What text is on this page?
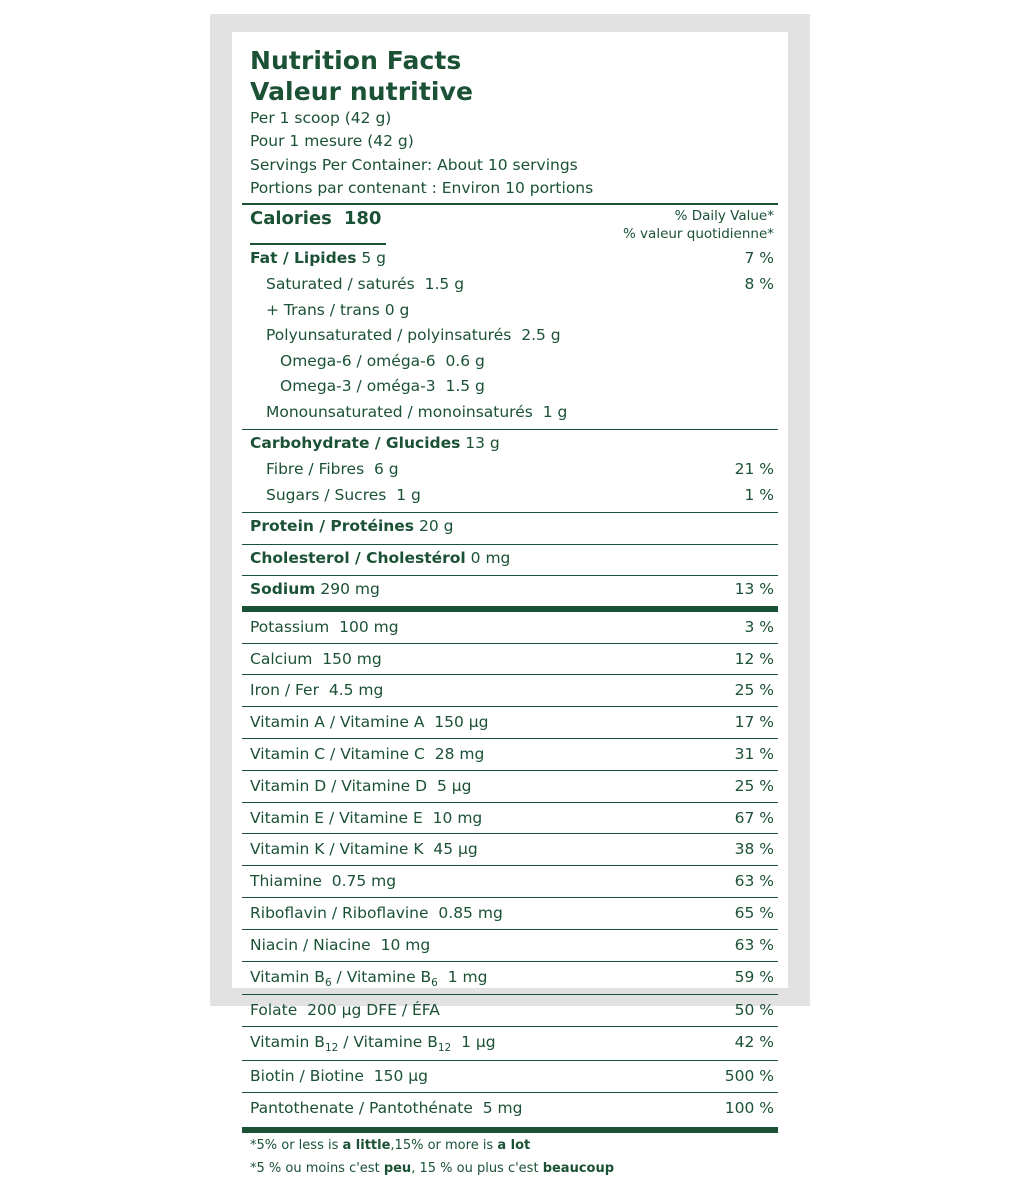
Nutrition Facts
Valeur nutritive
Per 1 scoop (42 g)
Pour 1 mesure (42 g)
Servings Per Container: About 10 servings
Portions par contenant : Environ 10 portions
Calories 180	% Daily Value*
% valeur quotidienne*
Fat / Lipides 5 g	7 %
Saturated / saturés 1.5 g	8 %
+ Trans / trans 0 g
Polyunsaturated / polyinsaturés 2.5 g
Omega-6 / oméga-6 0.6 g
Omega-3 / oméga-3 1.5 g
Monounsaturated / monoinsaturés 1 g
Carbohydrate / Glucides 13 g
Fibre / Fibres 6 g	21 %
Sugars / Sucres 1 g	1 %
Protein / Protéines 20 g
Cholesterol / Cholestérol 0 mg
Sodium 290 mg	13 %
Potassium 100 mg	3 %
Calcium 150 mg	12 %
Iron / Fer 4.5 mg	25 %
Vitamin A / Vitamine A 150 µg	17 %
Vitamin C / Vitamine C 28 mg	31 %
Vitamin D / Vitamine D 5 µg	25 %
Vitamin E / Vitamine E 10 mg	67 %
Vitamin K / Vitamine K 45 µg	38 %
Thiamine 0.75 mg	63 %
Riboflavin / Riboflavine 0.85 mg	65 %
Niacin / Niacine 10 mg	63 %
Vitamin $B_6$ / Vitamine $B_6$ 1 mg	59 %
Folate 200 µg DFE / ÉFA	50 %
Vitamin $B_{12}$ / Vitamine $B_{12}$ 1 µg	42 %
Biotin / Biotine 150 µg	500 %
Pantothenate / Pantothénate 5 mg	100 %
*5% or less is a little,15% or more is a lot
*5 % ou moins c'est peu, 15 % ou plus c'est beaucoup
